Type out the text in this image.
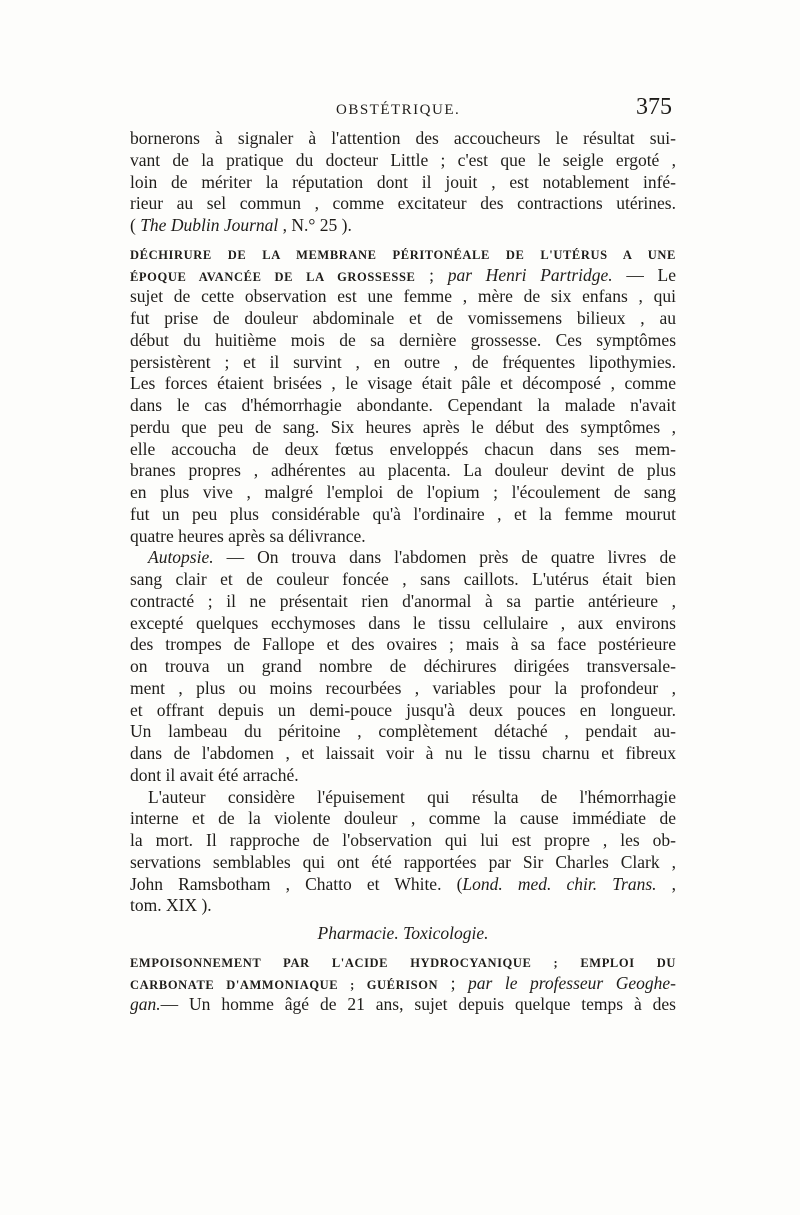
OBSTÉTRIQUE.	375
bornerons à signaler à l'attention des accoucheurs le résultat sui-
vant de la pratique du docteur Little ; c'est que le seigle ergoté ,
loin de mériter la réputation dont il jouit , est notablement infé-
rieur au sel commun , comme excitateur des contractions utérines.
( The Dublin Journal , N.° 25 ).
DÉCHIRURE DE LA MEMBRANE PÉRITONÉALE DE L'UTÉRUS A UNE
ÉPOQUE AVANCÉE DE LA GROSSESSE ; par Henri Partridge. — Le
sujet de cette observation est une femme , mère de six enfans , qui
fut prise de douleur abdominale et de vomissemens bilieux , au
début du huitième mois de sa dernière grossesse. Ces symptômes
persistèrent ; et il survint , en outre , de fréquentes lipothymies.
Les forces étaient brisées , le visage était pâle et décomposé , comme
dans le cas d'hémorrhagie abondante. Cependant la malade n'avait
perdu que peu de sang. Six heures après le début des symptômes ,
elle accoucha de deux fœtus enveloppés chacun dans ses mem-
branes propres , adhérentes au placenta. La douleur devint de plus
en plus vive , malgré l'emploi de l'opium ; l'écoulement de sang
fut un peu plus considérable qu'à l'ordinaire , et la femme mourut
quatre heures après sa délivrance.
Autopsie. — On trouva dans l'abdomen près de quatre livres de
sang clair et de couleur foncée , sans caillots. L'utérus était bien
contracté ; il ne présentait rien d'anormal à sa partie antérieure ,
excepté quelques ecchymoses dans le tissu cellulaire , aux environs
des trompes de Fallope et des ovaires ; mais à sa face postérieure
on trouva un grand nombre de déchirures dirigées transversale-
ment , plus ou moins recourbées , variables pour la profondeur ,
et offrant depuis un demi-pouce jusqu'à deux pouces en longueur.
Un lambeau du péritoine , complètement détaché , pendait au-
dans de l'abdomen , et laissait voir à nu le tissu charnu et fibreux
dont il avait été arraché.
L'auteur considère l'épuisement qui résulta de l'hémorrhagie
interne et de la violente douleur , comme la cause immédiate de
la mort. Il rapproche de l'observation qui lui est propre , les ob-
servations semblables qui ont été rapportées par Sir Charles Clark ,
John Ramsbotham , Chatto et White. (Lond. med. chir. Trans. ,
tom. XIX ).
Pharmacie. Toxicologie.
EMPOISONNEMENT PAR L'ACIDE HYDROCYANIQUE ; EMPLOI DU
CARBONATE D'AMMONIAQUE ; GUÉRISON ; par le professeur Geoghe-
gan.— Un homme âgé de 21 ans, sujet depuis quelque temps à des
